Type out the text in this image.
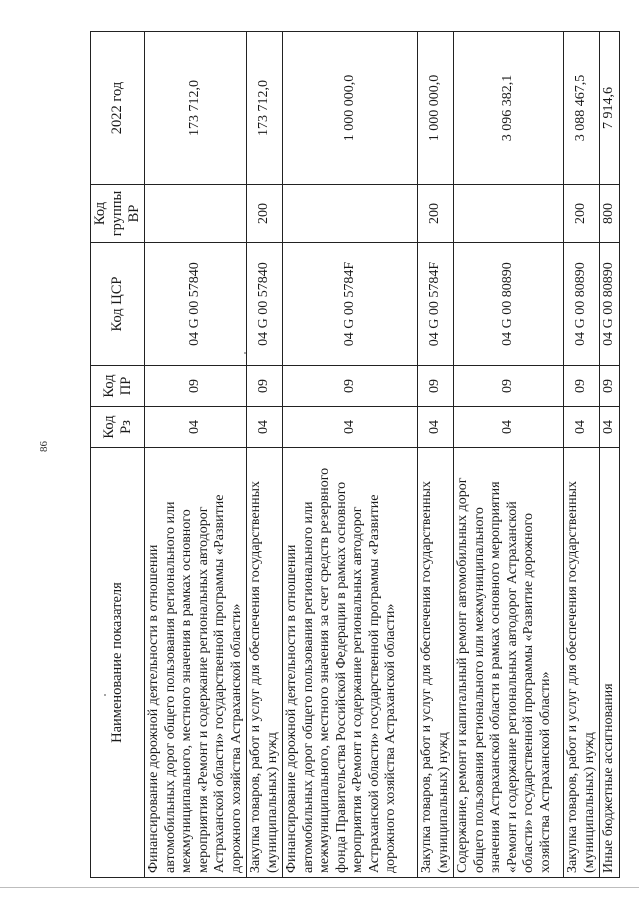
86
Наименование показателя	Код Рз	Код ПР	Код ЦСР	Код группы ВР	2022 год
Финансирование дорожной деятельности в отношении автомобильных дорог общего пользования регионального или межмуниципального, местного значения в рамках основного мероприятия «Ремонт и содержание региональных автодорог Астраханской области» государственной программы «Развитие дорожного хозяйства Астраханской области»	04	09	04 G 00 57840		173 712,0
Закупка товаров, работ и услуг для обеспечения государственных (муниципальных) нужд	04	09	04 G 00 57840	200	173 712,0
Финансирование дорожной деятельности в отношении автомобильных дорог общего пользования регионального или межмуниципального, местного значения за счет средств резервного фонда Правительства Российской Федерации в рамках основного мероприятия «Ремонт и содержание региональных автодорог Астраханской области» государственной программы «Развитие дорожного хозяйства Астраханской области»	04	09	04 G 00 5784F		1 000 000,0
Закупка товаров, работ и услуг для обеспечения государственных (муниципальных) нужд	04	09	04 G 00 5784F	200	1 000 000,0
Содержание, ремонт и капитальный ремонт автомобильных дорог общего пользования регионального или межмуниципального значения Астраханской области в рамках основного мероприятия «Ремонт и содержание региональных автодорог Астраханской области» государственной программы «Развитие дорожного хозяйства Астраханской области»	04	09	04 G 00 80890		3 096 382,1
Закупка товаров, работ и услуг для обеспечения государственных (муниципальных) нужд	04	09	04 G 00 80890	200	3 088 467,5
Иные бюджетные ассигнования	04	09	04 G 00 80890	800	7 914,6
